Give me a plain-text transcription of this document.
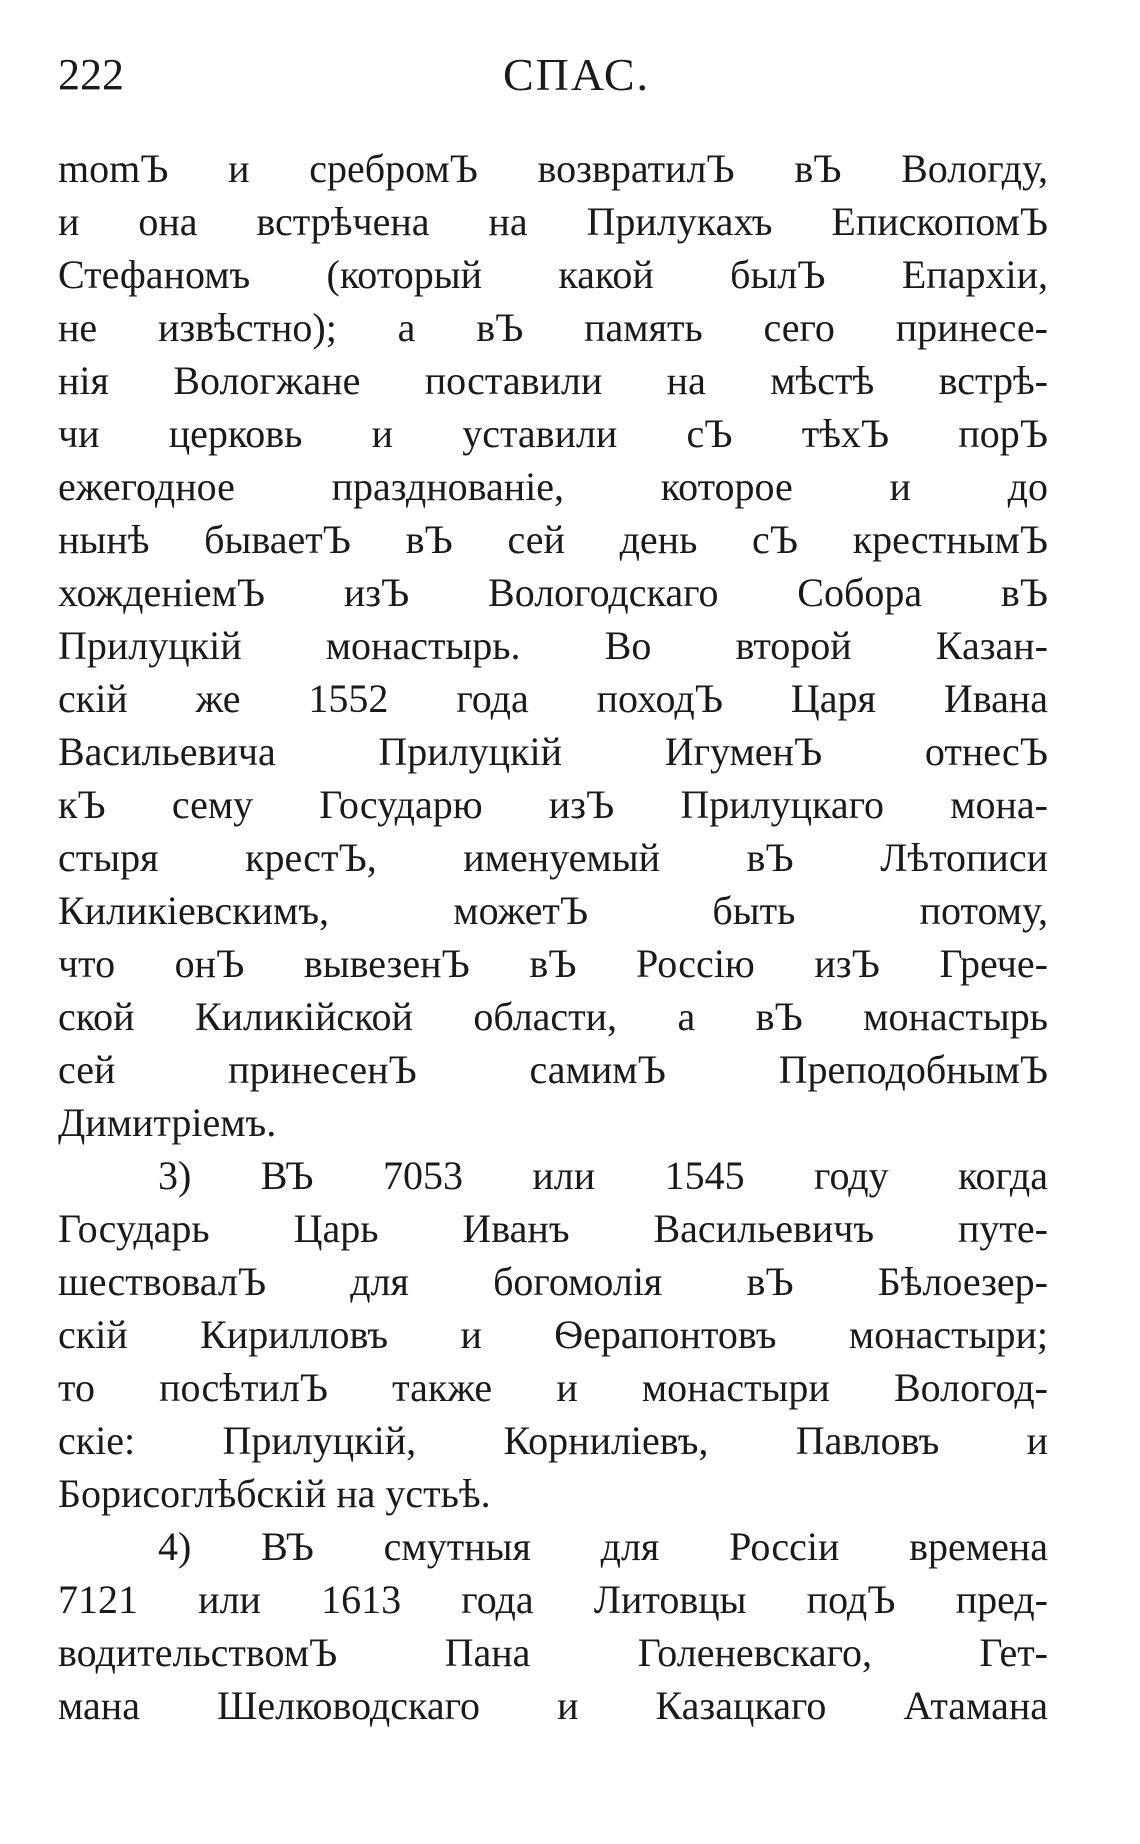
222	СПАС.
momЪ и сребромЪ возвратилЪ вЪ Вологду,
и она встрѣчена на Прилукахъ ЕпископомЪ
Стефаномъ (который какой былЪ Епархіи,
не извѣстно); а вЪ память сего принесе-
нія Вологжане поставили на мѣстѣ встрѣ-
чи церковь и уставили сЪ тѣхЪ порЪ
ежегодное празднованіе, которое и до
нынѣ бываетЪ вЪ сей день сЪ крестнымЪ
хожденіемЪ изЪ Вологодскаго Собора вЪ
Прилуцкій монастырь. Во второй Казан-
скій же 1552 года походЪ Царя Ивана
Васильевича Прилуцкій ИгуменЪ отнесЪ
кЪ сему Государю изЪ Прилуцкаго мона-
стыря крестЪ, именуемый вЪ Лѣтописи
Киликіевскимъ, можетЪ быть потому,
что онЪ вывезенЪ вЪ Россію изЪ Грече-
ской Киликійской области, а вЪ монастырь
сей принесенЪ самимЪ ПреподобнымЪ
Димитріемъ.
3) ВЪ 7053 или 1545 году когда
Государь Царь Иванъ Васильевичъ путе-
шествовалЪ для богомолія вЪ Бѣлоезер-
скій Кирилловъ и Ѳерапонтовъ монастыри;
то посѣтилЪ также и монастыри Вологод-
скіе: Прилуцкій, Корнилiевъ, Павловъ и
Борисоглѣбскій на устьѣ.
4) ВЪ смутныя для Россіи времена
7121 или 1613 года Литовцы подЪ пред-
водительствомЪ Пана Голеневскаго, Гет-
мана Шелководскаго и Казацкаго Атамана
